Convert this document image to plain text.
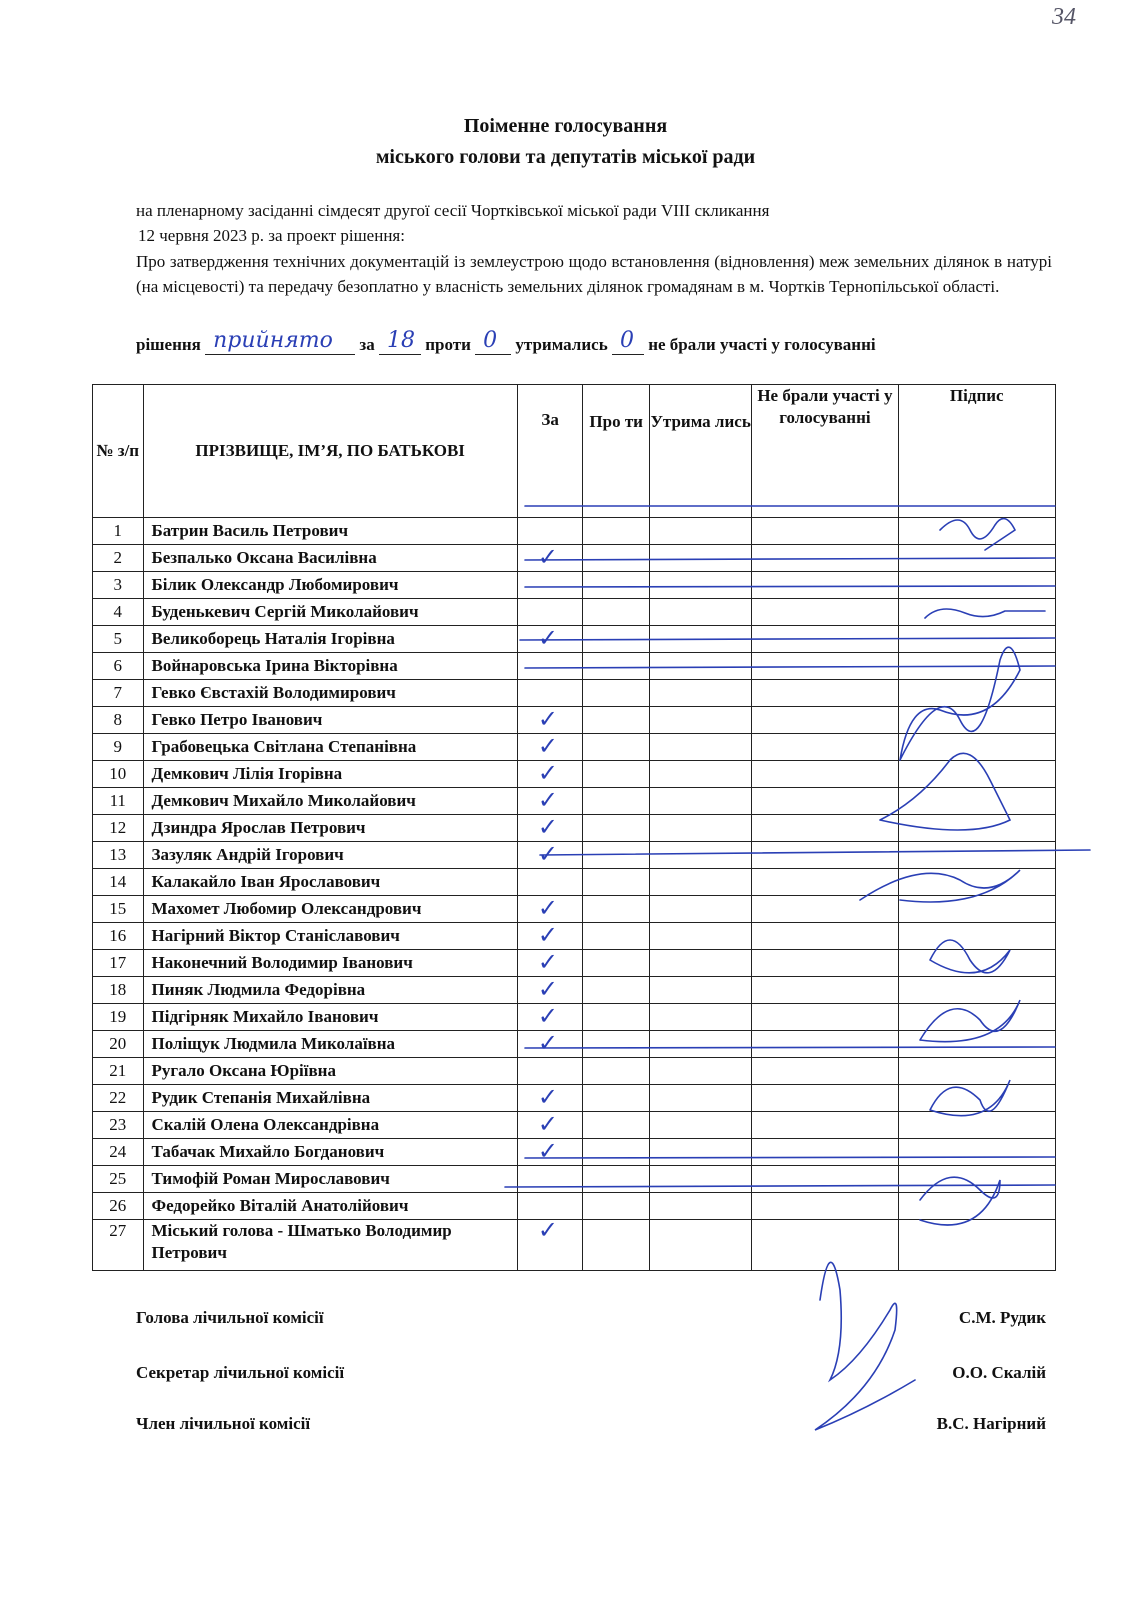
34
Поіменне голосування
міського голови та депутатів міської ради
на пленарному засіданні сімдесят другої сесії Чортківської міської ради VIII скликання
12 червня 2023 р. за проект рішення:
Про затвердження технічних документацій із землеустрою щодо встановлення (відновлення) меж земельних ділянок в натурі (на місцевості) та передачу безоплатно у власність земельних ділянок громадянам в м. Чортків Тернопільської області.
рішення прийнято за 18 проти 0 утримались 0 не брали участі у голосуванні
№ з/п	ПРІЗВИЩЕ, ІМ’Я, ПО БАТЬКОВІ	За	Про ти	Утрима лись	Не брали участі у голосуванні	Підпис
1	Батрин Василь Петрович					
2	Безпалько Оксана Василівна	✓				
3	Білик Олександр Любомирович					
4	Буденькевич Сергій Миколайович					
5	Великоборець Наталія Ігорівна	✓				
6	Войнаровська Ірина Вікторівна					
7	Гевко Євстахій Володимирович					
8	Гевко Петро Іванович	✓				
9	Грабовецька Світлана Степанівна	✓				
10	Демкович Лілія Ігорівна	✓				
11	Демкович Михайло Миколайович	✓				
12	Дзиндра Ярослав Петрович	✓				
13	Зазуляк Андрій Ігорович	✓				
14	Калакайло Іван Ярославович					
15	Махомет Любомир Олександрович	✓				
16	Нагірний Віктор Станіславович	✓				
17	Наконечний Володимир Іванович	✓				
18	Пиняк Людмила Федорівна	✓				
19	Підгірняк Михайло Іванович	✓				
20	Поліщук Людмила Миколаївна	✓				
21	Ругало Оксана Юріївна					
22	Рудик Степанія Михайлівна	✓				
23	Скалій Олена Олександрівна	✓				
24	Табачак Михайло Богданович	✓				
25	Тимофій Роман Мирославович					
26	Федорейко Віталій Анатолійович					
27	Міський голова - Шматько Володимир Петрович	✓				
Голова лічильної комісії	С.М. Рудик
Секретар лічильної комісії	О.О. Скалій
Член лічильної комісії	В.С. Нагірний
